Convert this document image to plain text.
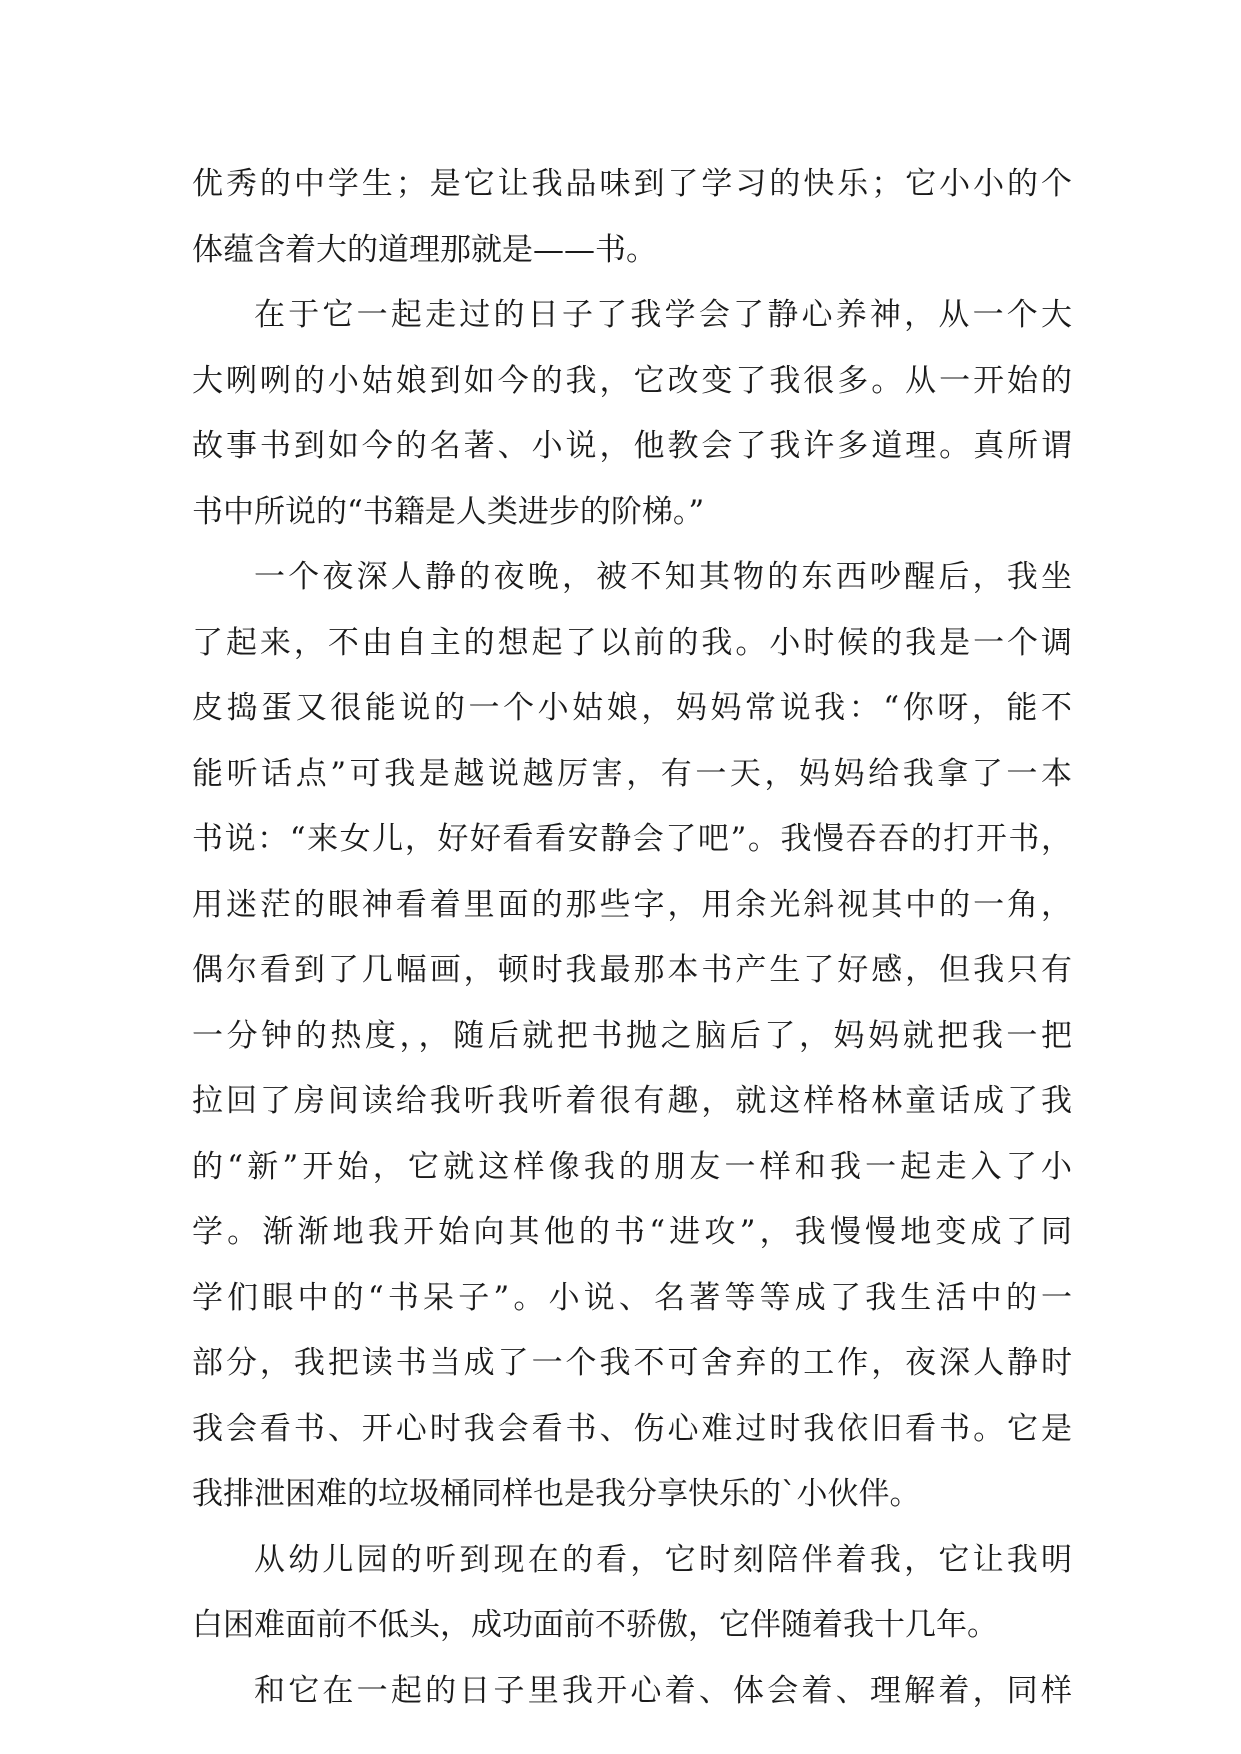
优秀的中学生；是它让我品味到了学习的快乐；它小小的个
体蕴含着大的道理那就是——书。
在于它一起走过的日子了我学会了静心养神，从一个大
大咧咧的小姑娘到如今的我，它改变了我很多。从一开始的
故事书到如今的名著、小说，他教会了我许多道理。真所谓
书中所说的“书籍是人类进步的阶梯。”
一个夜深人静的夜晚，被不知其物的东西吵醒后，我坐
了起来，不由自主的想起了以前的我。小时候的我是一个调
皮捣蛋又很能说的一个小姑娘，妈妈常说我：“你呀，能不
能听话点”可我是越说越厉害，有一天，妈妈给我拿了一本
书说：“来女儿，好好看看安静会了吧”。我慢吞吞的打开书，
用迷茫的眼神看着里面的那些字，用余光斜视其中的一角，
偶尔看到了几幅画，顿时我最那本书产生了好感，但我只有
一分钟的热度，，随后就把书抛之脑后了，妈妈就把我一把
拉回了房间读给我听我听着很有趣，就这样格林童话成了我
的“新”开始，它就这样像我的朋友一样和我一起走入了小
学。渐渐地我开始向其他的书“进攻”，我慢慢地变成了同
学们眼中的“书呆子”。小说、名著等等成了我生活中的一
部分，我把读书当成了一个我不可舍弃的工作，夜深人静时
我会看书、开心时我会看书、伤心难过时我依旧看书。它是
我排泄困难的垃圾桶同样也是我分享快乐的`小伙伴。
从幼儿园的听到现在的看，它时刻陪伴着我，它让我明
白困难面前不低头，成功面前不骄傲，它伴随着我十几年。
和它在一起的日子里我开心着、体会着、理解着，同样
